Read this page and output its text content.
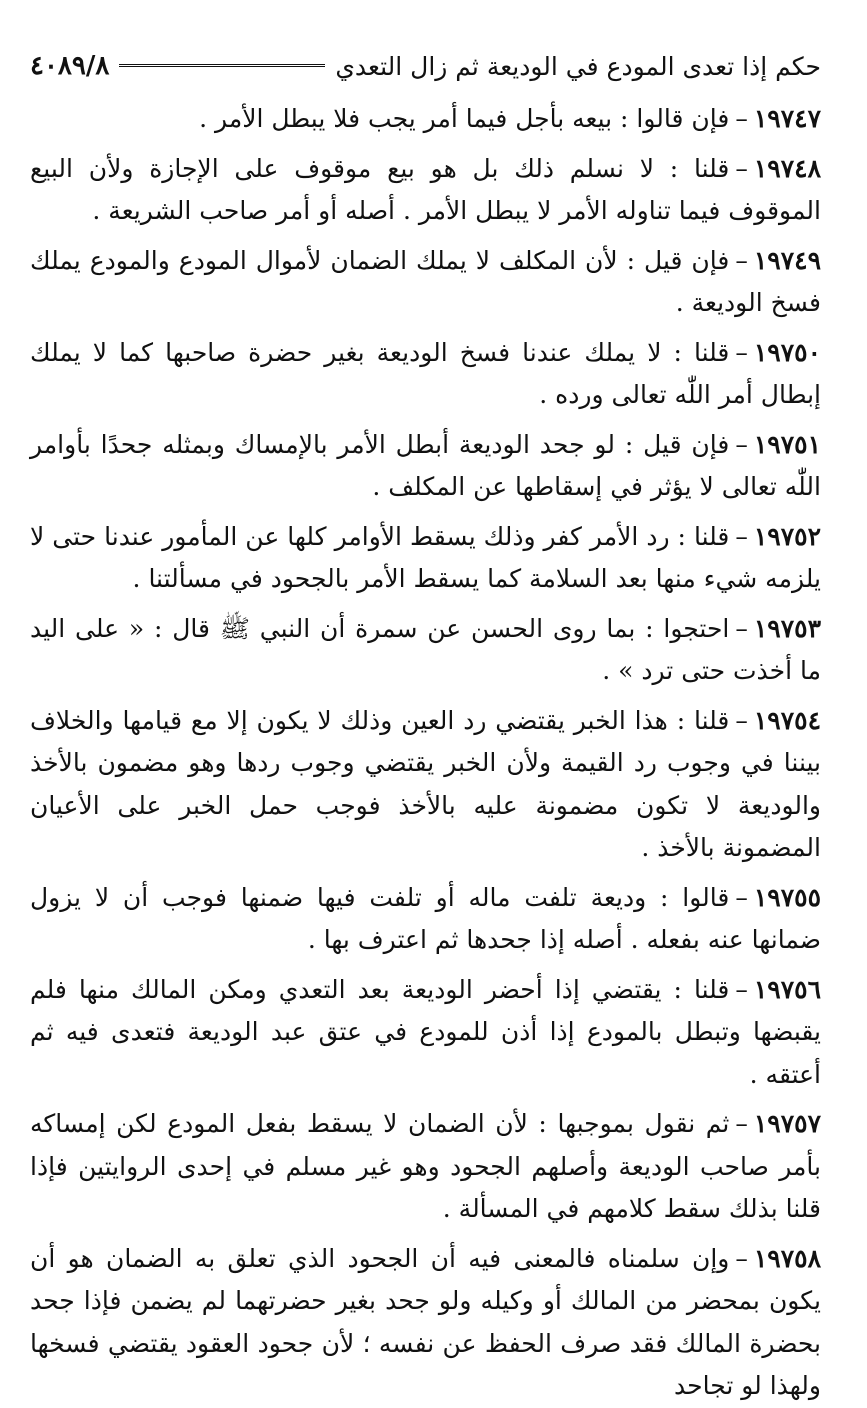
حكم إذا تعدى المودع في الوديعة ثم زال التعدي
٤٠٨٩/٨

١٩٧٤٧–فإن قالوا : بيعه بأجل فيما أمر يجب فلا يبطل الأمر .

١٩٧٤٨–قلنا : لا نسلم ذلك بل هو بيع موقوف على الإجازة ولأن البيع الموقوف فيما تناوله الأمر لا يبطل الأمر . أصله أو أمر صاحب الشريعة .

١٩٧٤٩–فإن قيل : لأن المكلف لا يملك الضمان لأموال المودع والمودع يملك فسخ الوديعة .

١٩٧٥٠–قلنا : لا يملك عندنا فسخ الوديعة بغير حضرة صاحبها كما لا يملك إبطال أمر اللّٰه تعالى ورده .

١٩٧٥١–فإن قيل : لو جحد الوديعة أبطل الأمر بالإمساك وبمثله جحدًا بأوامر اللّٰه تعالى لا يؤثر في إسقاطها عن المكلف .

١٩٧٥٢–قلنا : رد الأمر كفر وذلك يسقط الأوامر كلها عن المأمور عندنا حتى لا يلزمه شيء منها بعد السلامة كما يسقط الأمر بالجحود في مسألتنا .

١٩٧٥٣–احتجوا : بما روى الحسن عن سمرة أن النبي ﷺ قال : « على اليد ما أخذت حتى ترد » .

١٩٧٥٤–قلنا : هذا الخبر يقتضي رد العين وذلك لا يكون إلا مع قيامها والخلاف بيننا في وجوب رد القيمة ولأن الخبر يقتضي وجوب ردها وهو مضمون بالأخذ والوديعة لا تكون مضمونة عليه بالأخذ فوجب حمل الخبر على الأعيان المضمونة بالأخذ .

١٩٧٥٥–قالوا : وديعة تلفت ماله أو تلفت فيها ضمنها فوجب أن لا يزول ضمانها عنه بفعله . أصله إذا جحدها ثم اعترف بها .

١٩٧٥٦–قلنا : يقتضي إذا أحضر الوديعة بعد التعدي ومكن المالك منها فلم يقبضها وتبطل بالمودع إذا أذن للمودع في عتق عبد الوديعة فتعدى فيه ثم أعتقه .

١٩٧٥٧–ثم نقول بموجبها : لأن الضمان لا يسقط بفعل المودع لكن إمساكه بأمر صاحب الوديعة وأصلهم الجحود وهو غير مسلم في إحدى الروايتين فإذا قلنا بذلك سقط كلامهم في المسألة .

١٩٧٥٨–وإن سلمناه فالمعنى فيه أن الجحود الذي تعلق به الضمان هو أن يكون بمحضر من المالك أو وكيله ولو جحد بغير حضرتهما لم يضمن فإذا جحد بحضرة المالك فقد صرف الحفظ عن نفسه ؛ لأن جحود العقود يقتضي فسخها ولهذا لو تجاحد
